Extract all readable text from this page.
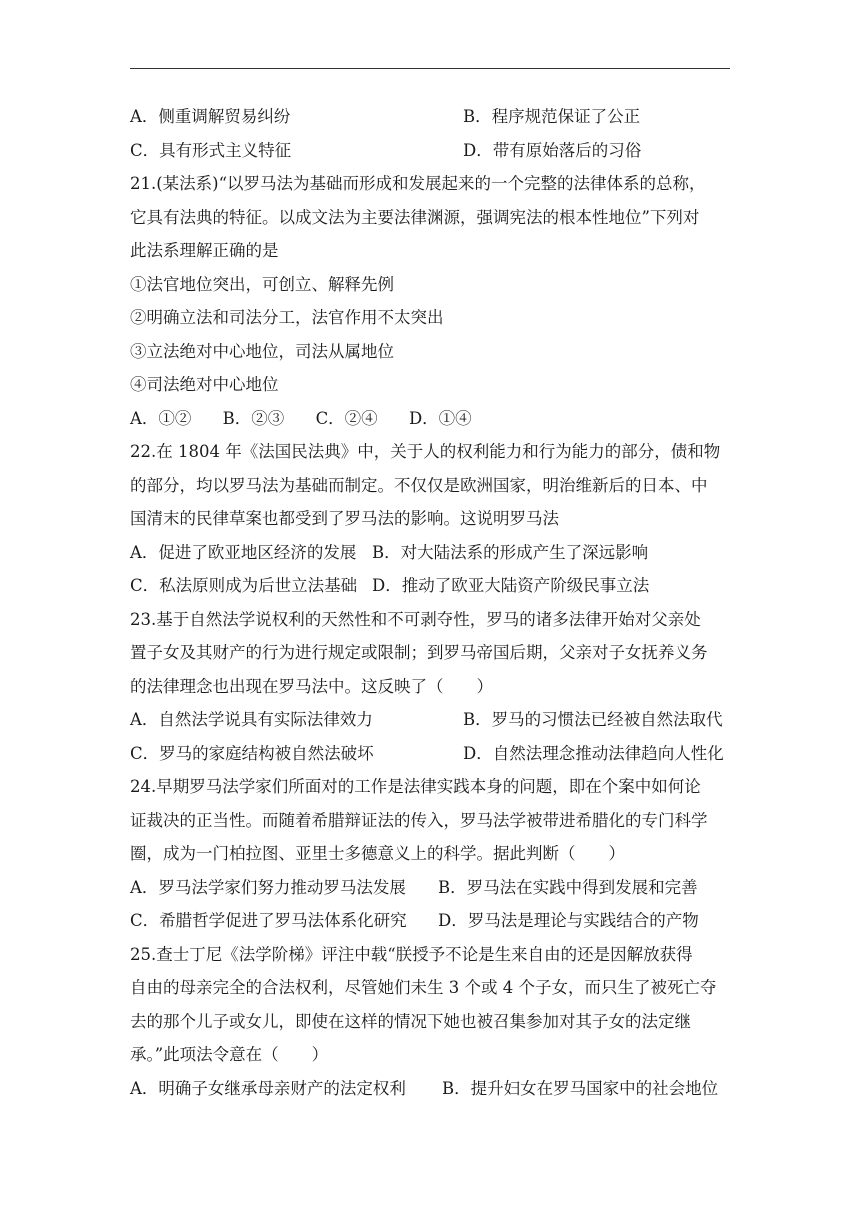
A．侧重调解贸易纠纷	B．程序规范保证了公正
C．具有形式主义特征	D．带有原始落后的习俗
21.(某法系)“以罗马法为基础而形成和发展起来的一个完整的法律体系的总称，
它具有法典的特征。以成文法为主要法律渊源，强调宪法的根本性地位”下列对
此法系理解正确的是
①法官地位突出，可创立、解释先例
②明确立法和司法分工，法官作用不太突出
③立法绝对中心地位，司法从属地位
④司法绝对中心地位
A．①② B．②③ C．②④ D．①④
22.在 1804 年《法国民法典》中，关于人的权利能力和行为能力的部分，债和物
的部分，均以罗马法为基础而制定。不仅仅是欧洲国家，明治维新后的日本、中
国清末的民律草案也都受到了罗马法的影响。这说明罗马法
A．促进了欧亚地区经济的发展 B．对大陆法系的形成产生了深远影响
C．私法原则成为后世立法基础 D．推动了欧亚大陆资产阶级民事立法
23.基于自然法学说权利的天然性和不可剥夺性，罗马的诸多法律开始对父亲处
置子女及其财产的行为进行规定或限制；到罗马帝国后期，父亲对子女抚养义务
的法律理念也出现在罗马法中。这反映了（　　）
A．自然法学说具有实际法律效力	B．罗马的习惯法已经被自然法取代
C．罗马的家庭结构被自然法破坏	D．自然法理念推动法律趋向人性化
24.早期罗马法学家们所面对的工作是法律实践本身的问题，即在个案中如何论
证裁决的正当性。而随着希腊辩证法的传入，罗马法学被带进希腊化的专门科学
圈，成为一门柏拉图、亚里士多德意义上的科学。据此判断（　　）
A．罗马法学家们努力推动罗马法发展	B．罗马法在实践中得到发展和完善
C．希腊哲学促进了罗马法体系化研究	D．罗马法是理论与实践结合的产物
25.查士丁尼《法学阶梯》评注中载“朕授予不论是生来自由的还是因解放获得
自由的母亲完全的合法权利，尽管她们未生 3 个或 4 个子女，而只生了被死亡夺
去的那个儿子或女儿，即使在这样的情况下她也被召集参加对其子女的法定继
承。”此项法令意在（　　）
A．明确子女继承母亲财产的法定权利	B．提升妇女在罗马国家中的社会地位
